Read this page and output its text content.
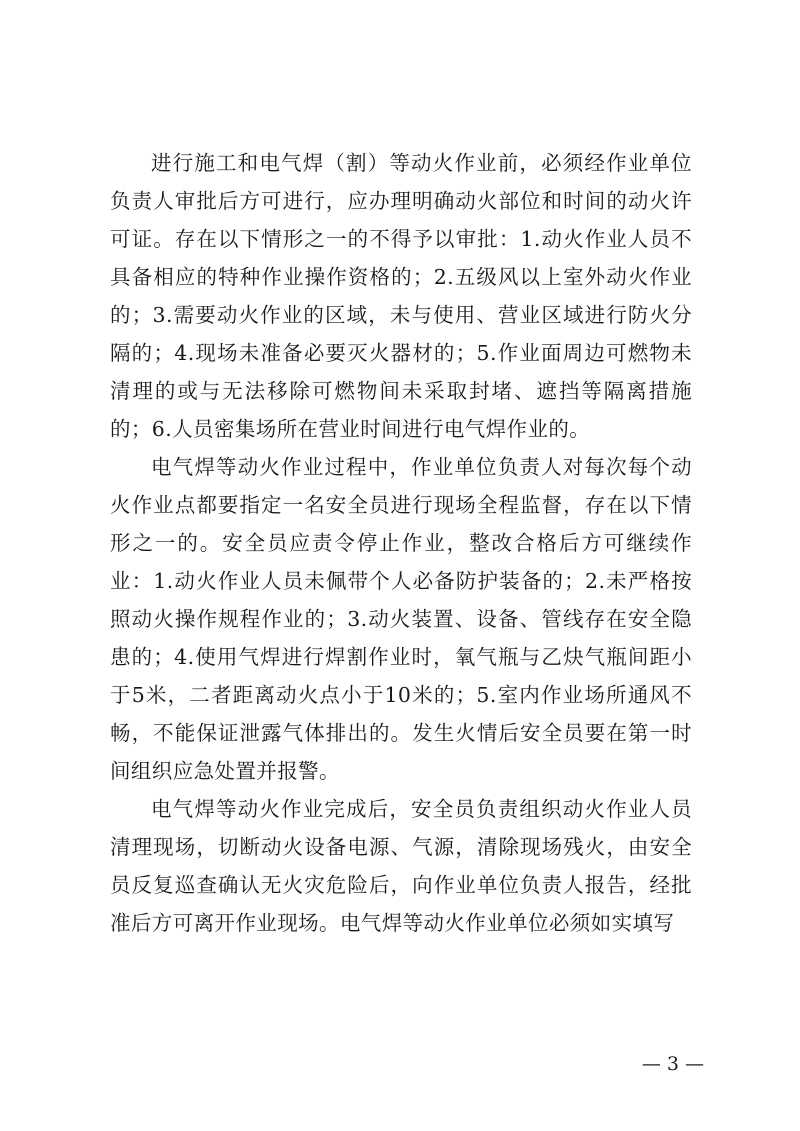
进行施工和电气焊（割）等动火作业前，必须经作业单位负责人审批后方可进行，应办理明确动火部位和时间的动火许可证。存在以下情形之一的不得予以审批：1.动火作业人员不具备相应的特种作业操作资格的；2.五级风以上室外动火作业的；3.需要动火作业的区域，未与使用、营业区域进行防火分隔的；4.现场未准备必要灭火器材的；5.作业面周边可燃物未清理的或与无法移除可燃物间未采取封堵、遮挡等隔离措施的；6.人员密集场所在营业时间进行电气焊作业的。

电气焊等动火作业过程中，作业单位负责人对每次每个动火作业点都要指定一名安全员进行现场全程监督，存在以下情形之一的。安全员应责令停止作业，整改合格后方可继续作业：1.动火作业人员未佩带个人必备防护装备的；2.未严格按照动火操作规程作业的；3.动火装置、设备、管线存在安全隐患的；4.使用气焊进行焊割作业时，氧气瓶与乙炔气瓶间距小于5米，二者距离动火点小于10米的；5.室内作业场所通风不畅，不能保证泄露气体排出的。发生火情后安全员要在第一时间组织应急处置并报警。

电气焊等动火作业完成后，安全员负责组织动火作业人员清理现场，切断动火设备电源、气源，清除现场残火，由安全员反复巡查确认无火灾危险后，向作业单位负责人报告，经批准后方可离开作业现场。电气焊等动火作业单位必须如实填写

— 3 —
